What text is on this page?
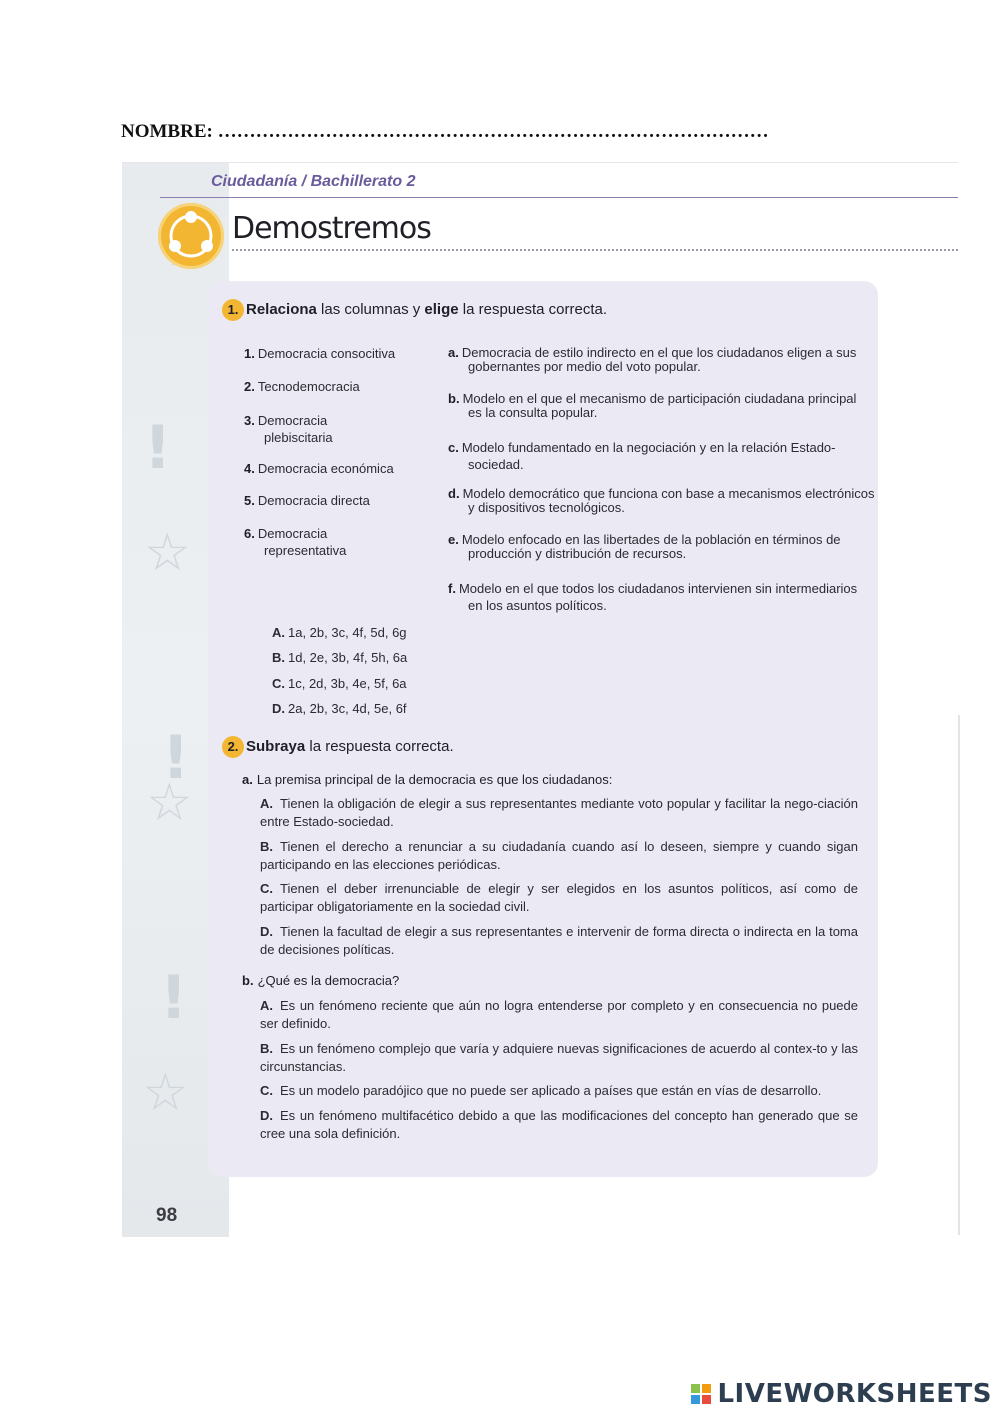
NOMBRE: ……………………………………………………………………………
!
☆
!
☆
!
☆
Ciudadanía / Bachillerato 2
Demostremos
1. Relaciona las columnas y elige la respuesta correcta.
1. Democracia consocitiva
2. Tecnodemocracia
3. Democracia plebiscitaria
4. Democracia económica
5. Democracia directa
6. Democracia representativa
a. Democracia de estilo indirecto en el que los ciudadanos eligen a sus gobernantes por medio del voto popular.
b. Modelo en el que el mecanismo de participación ciudadana principal es la consulta popular.
c. Modelo fundamentado en la negociación y en la relación Estado-sociedad.
d. Modelo democrático que funciona con base a mecanismos electrónicos y dispositivos tecnológicos.
e. Modelo enfocado en las libertades de la población en términos de producción y distribución de recursos.
f. Modelo en el que todos los ciudadanos intervienen sin intermediarios en los asuntos políticos.
A. 1a, 2b, 3c, 4f, 5d, 6g
B. 1d, 2e, 3b, 4f, 5h, 6a
C. 1c, 2d, 3b, 4e, 5f, 6a
D. 2a, 2b, 3c, 4d, 5e, 6f
2. Subraya la respuesta correcta.
a. La premisa principal de la democracia es que los ciudadanos:
A. Tienen la obligación de elegir a sus representantes mediante voto popular y facilitar la nego-ciación entre Estado-sociedad.
B. Tienen el derecho a renunciar a su ciudadanía cuando así lo deseen, siempre y cuando sigan participando en las elecciones periódicas.
C. Tienen el deber irrenunciable de elegir y ser elegidos en los asuntos políticos, así como de participar obligatoriamente en la sociedad civil.
D. Tienen la facultad de elegir a sus representantes e intervenir de forma directa o indirecta en la toma de decisiones políticas.
b. ¿Qué es la democracia?
A. Es un fenómeno reciente que aún no logra entenderse por completo y en consecuencia no puede ser definido.
B. Es un fenómeno complejo que varía y adquiere nuevas significaciones de acuerdo al contex-to y las circunstancias.
C. Es un modelo paradójico que no puede ser aplicado a países que están en vías de desarrollo.
D. Es un fenómeno multifacético debido a que las modificaciones del concepto han generado que se cree una sola definición.
98
LIVEWORKSHEETS
